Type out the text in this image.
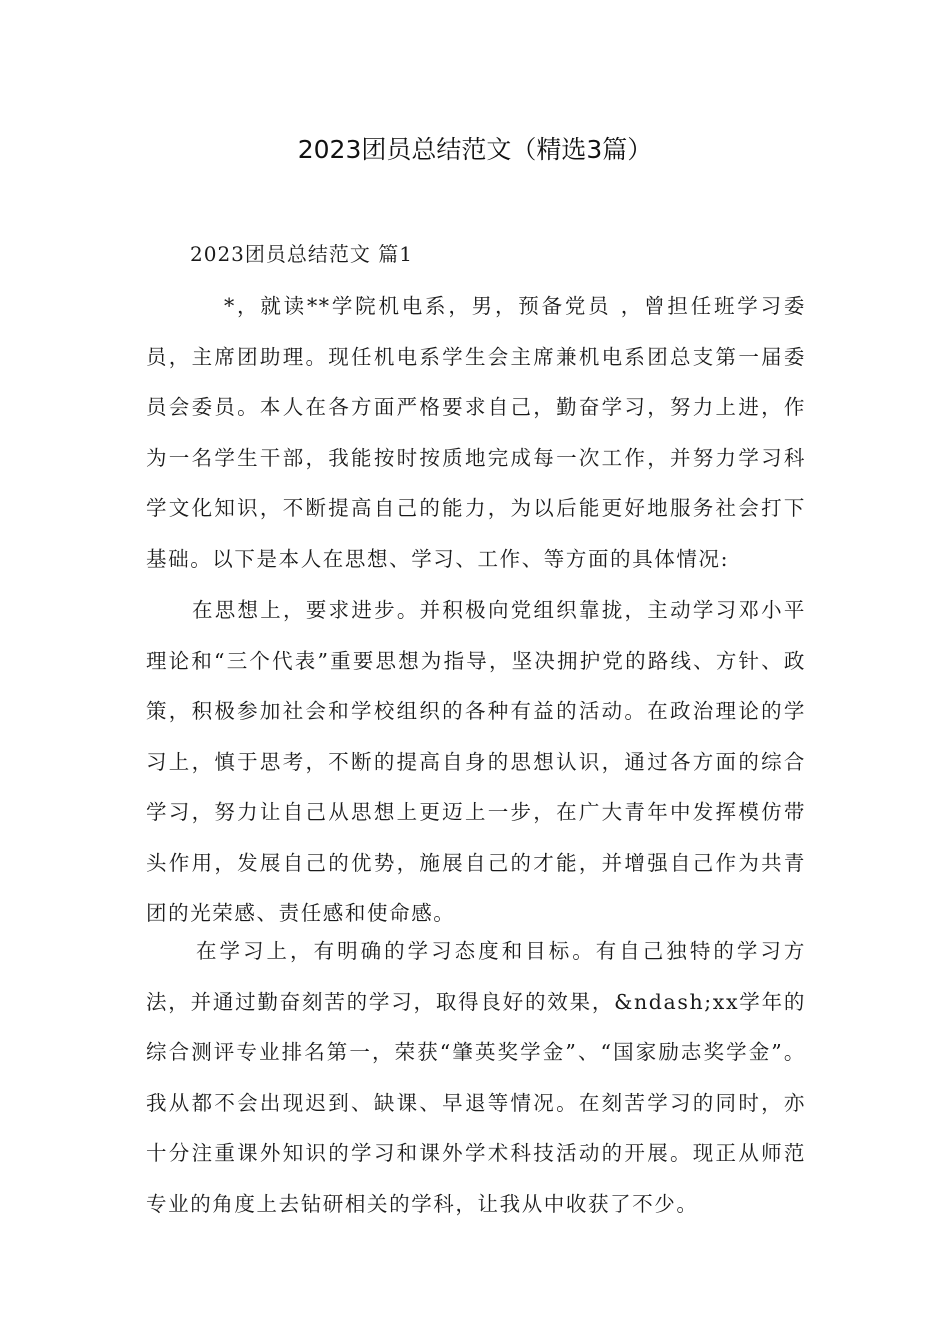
2023团员总结范文（精选3篇）
2023团员总结范文 篇1

*，就读**学院机电系，男，预备党员 ，曾担任班学习委员，主席团助理。现任机电系学生会主席兼机电系团总支第一届委员会委员。本人在各方面严格要求自己，勤奋学习，努力上进，作为一名学生干部，我能按时按质地完成每一次工作，并努力学习科学文化知识，不断提高自己的能力，为以后能更好地服务社会打下基础。以下是本人在思想、学习、工作、等方面的具体情况:

在思想上，要求进步。并积极向党组织靠拢，主动学习邓小平理论和“三个代表”重要思想为指导，坚决拥护党的路线、方针、政策，积极参加社会和学校组织的各种有益的活动。在政治理论的学习上，慎于思考，不断的提高自身的思想认识，通过各方面的综合学习，努力让自己从思想上更迈上一步，在广大青年中发挥模仿带头作用，发展自己的优势，施展自己的才能，并增强自己作为共青团的光荣感、责任感和使命感。

在学习上，有明确的学习态度和目标。有自己独特的学习方法，并通过勤奋刻苦的学习，取得良好的效果，&ndash;xx学年的综合测评专业排名第一，荣获“肇英奖学金”、“国家励志奖学金”。我从都不会出现迟到、缺课、早退等情况。在刻苦学习的同时，亦十分注重课外知识的学习和课外学术科技活动的开展。现正从师范专业的角度上去钻研相关的学科，让我从中收获了不少。
